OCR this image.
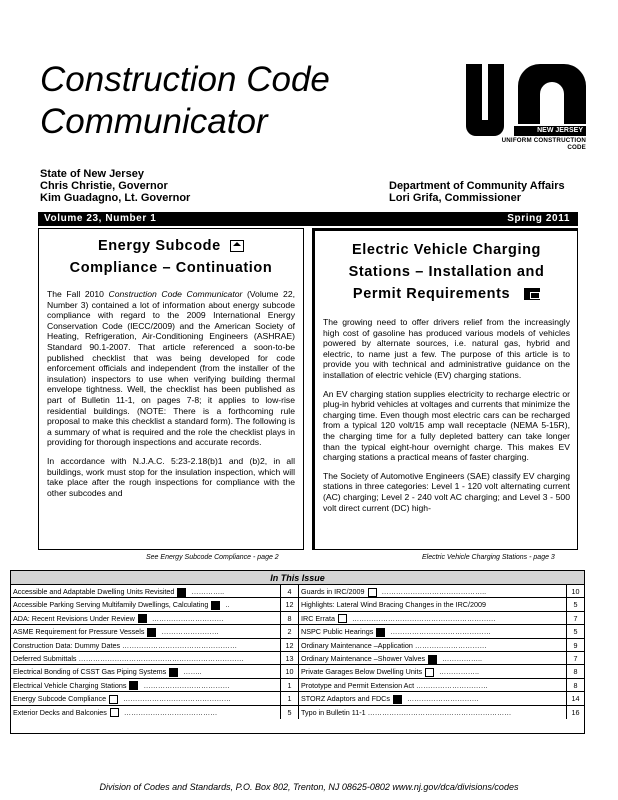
Construction Code
Communicator	NEW JERSEY
UNIFORM CONSTRUCTION
CODE
State of New Jersey
Chris Christie, Governor
Kim Guadagno, Lt. Governor
Department of Community Affairs
Lori Grifa, Commissioner
Volume 23, Number 1	Spring 2011
Energy Subcode
Compliance – Continuation

The Fall 2010 Construction Code Communicator (Volume 22, Number 3) contained a lot of information about energy subcode compliance with regard to the 2009 International Energy Conservation Code (IECC/2009) and the American Society of Heating, Refrigeration, Air-Conditioning Engineers (ASHRAE) Standard 90.1-2007. That article referenced a soon-to-be published checklist that was being developed for code enforcement officials and independent (from the installer of the insulation) inspectors to use when verifying building thermal envelope tightness. Well, the checklist has been published as part of Bulletin 11-1, on pages 7-8; it applies to low-rise residential buildings. (NOTE: There is a forthcoming rule proposal to make this checklist a standard form). The following is a summary of what is required and the role the checklist plays in providing for thorough inspections and accurate records.

In accordance with N.J.A.C. 5:23-2.18(b)1 and (b)2, in all buildings, work must stop for the insulation inspection, which will take place after the rough inspections for compliance with the other subcodes and

Electric Vehicle Charging
Stations – Installation and
Permit Requirements

The growing need to offer drivers relief from the increasingly high cost of gasoline has produced various models of vehicles powered by alternate sources, i.e. natural gas, hybrid and electric, to name just a few. The purpose of this article is to provide you with technical and administrative guidance on the installation of electric vehicle (EV) charging stations.

An EV charging station supplies electricity to recharge electric or plug-in hybrid vehicles at voltages and currents that minimize the charging time. Even though most electric cars can be recharged from a typical 120 volt/15 amp wall receptacle (NEMA 5-15R), the charging time for a fully depleted battery can take longer than the typical eight-hour overnight charge. This makes EV charging stations a practical means of faster charging.

The Society of Automotive Engineers (SAE) classify EV charging stations in three categories: Level 1 - 120 volt alternating current (AC) charging; Level 2 - 240 volt AC charging; and Level 3 - 500 volt direct current (DC) high-

See Energy Subcode Compliance - page 2	Electric Vehicle Charging Stations - page 3
In This Issue
Accessible and Adaptable Dwelling Units Revisited …………..	4
Accessible Parking Serving Multifamily Dwellings, Calculating ..	12
ADA: Recent Revisions Under Review …………………………	8
ASME Requirement for Pressure Vessels ……………………	2
Construction Data: Dummy Dates …………………………………………	12
Deferred Submittals ……………………………………………………………	13
Electrical Bonding of CSST Gas Piping Systems ……..	10
Electrical Vehicle Charging Stations ………………………………	1
Energy Subcode Compliance ………………………………………	1
Exterior Decks and Balconies …………………………………	5
Guards in IRC/2009 ……………………………………..	10
Highlights: Lateral Wind Bracing Changes in the IRC/2009	5
IRC Errata ……………………………………………………	7
NSPC Public Hearings ……………………………………	5
Ordinary Maintenance –Application …………………………	9
Ordinary Maintenance –Shower Valves ……………..	7
Private Garages Below Dwelling Units ……………..	8
Prototype and Permit Extension Act …………………………	8
STORZ Adaptors and FDCs …………………………	14
Typo in Bulletin 11-1 ……………………………………………………	16
Division of Codes and Standards, P.O. Box 802, Trenton, NJ 08625-0802 www.nj.gov/dca/divisions/codes
